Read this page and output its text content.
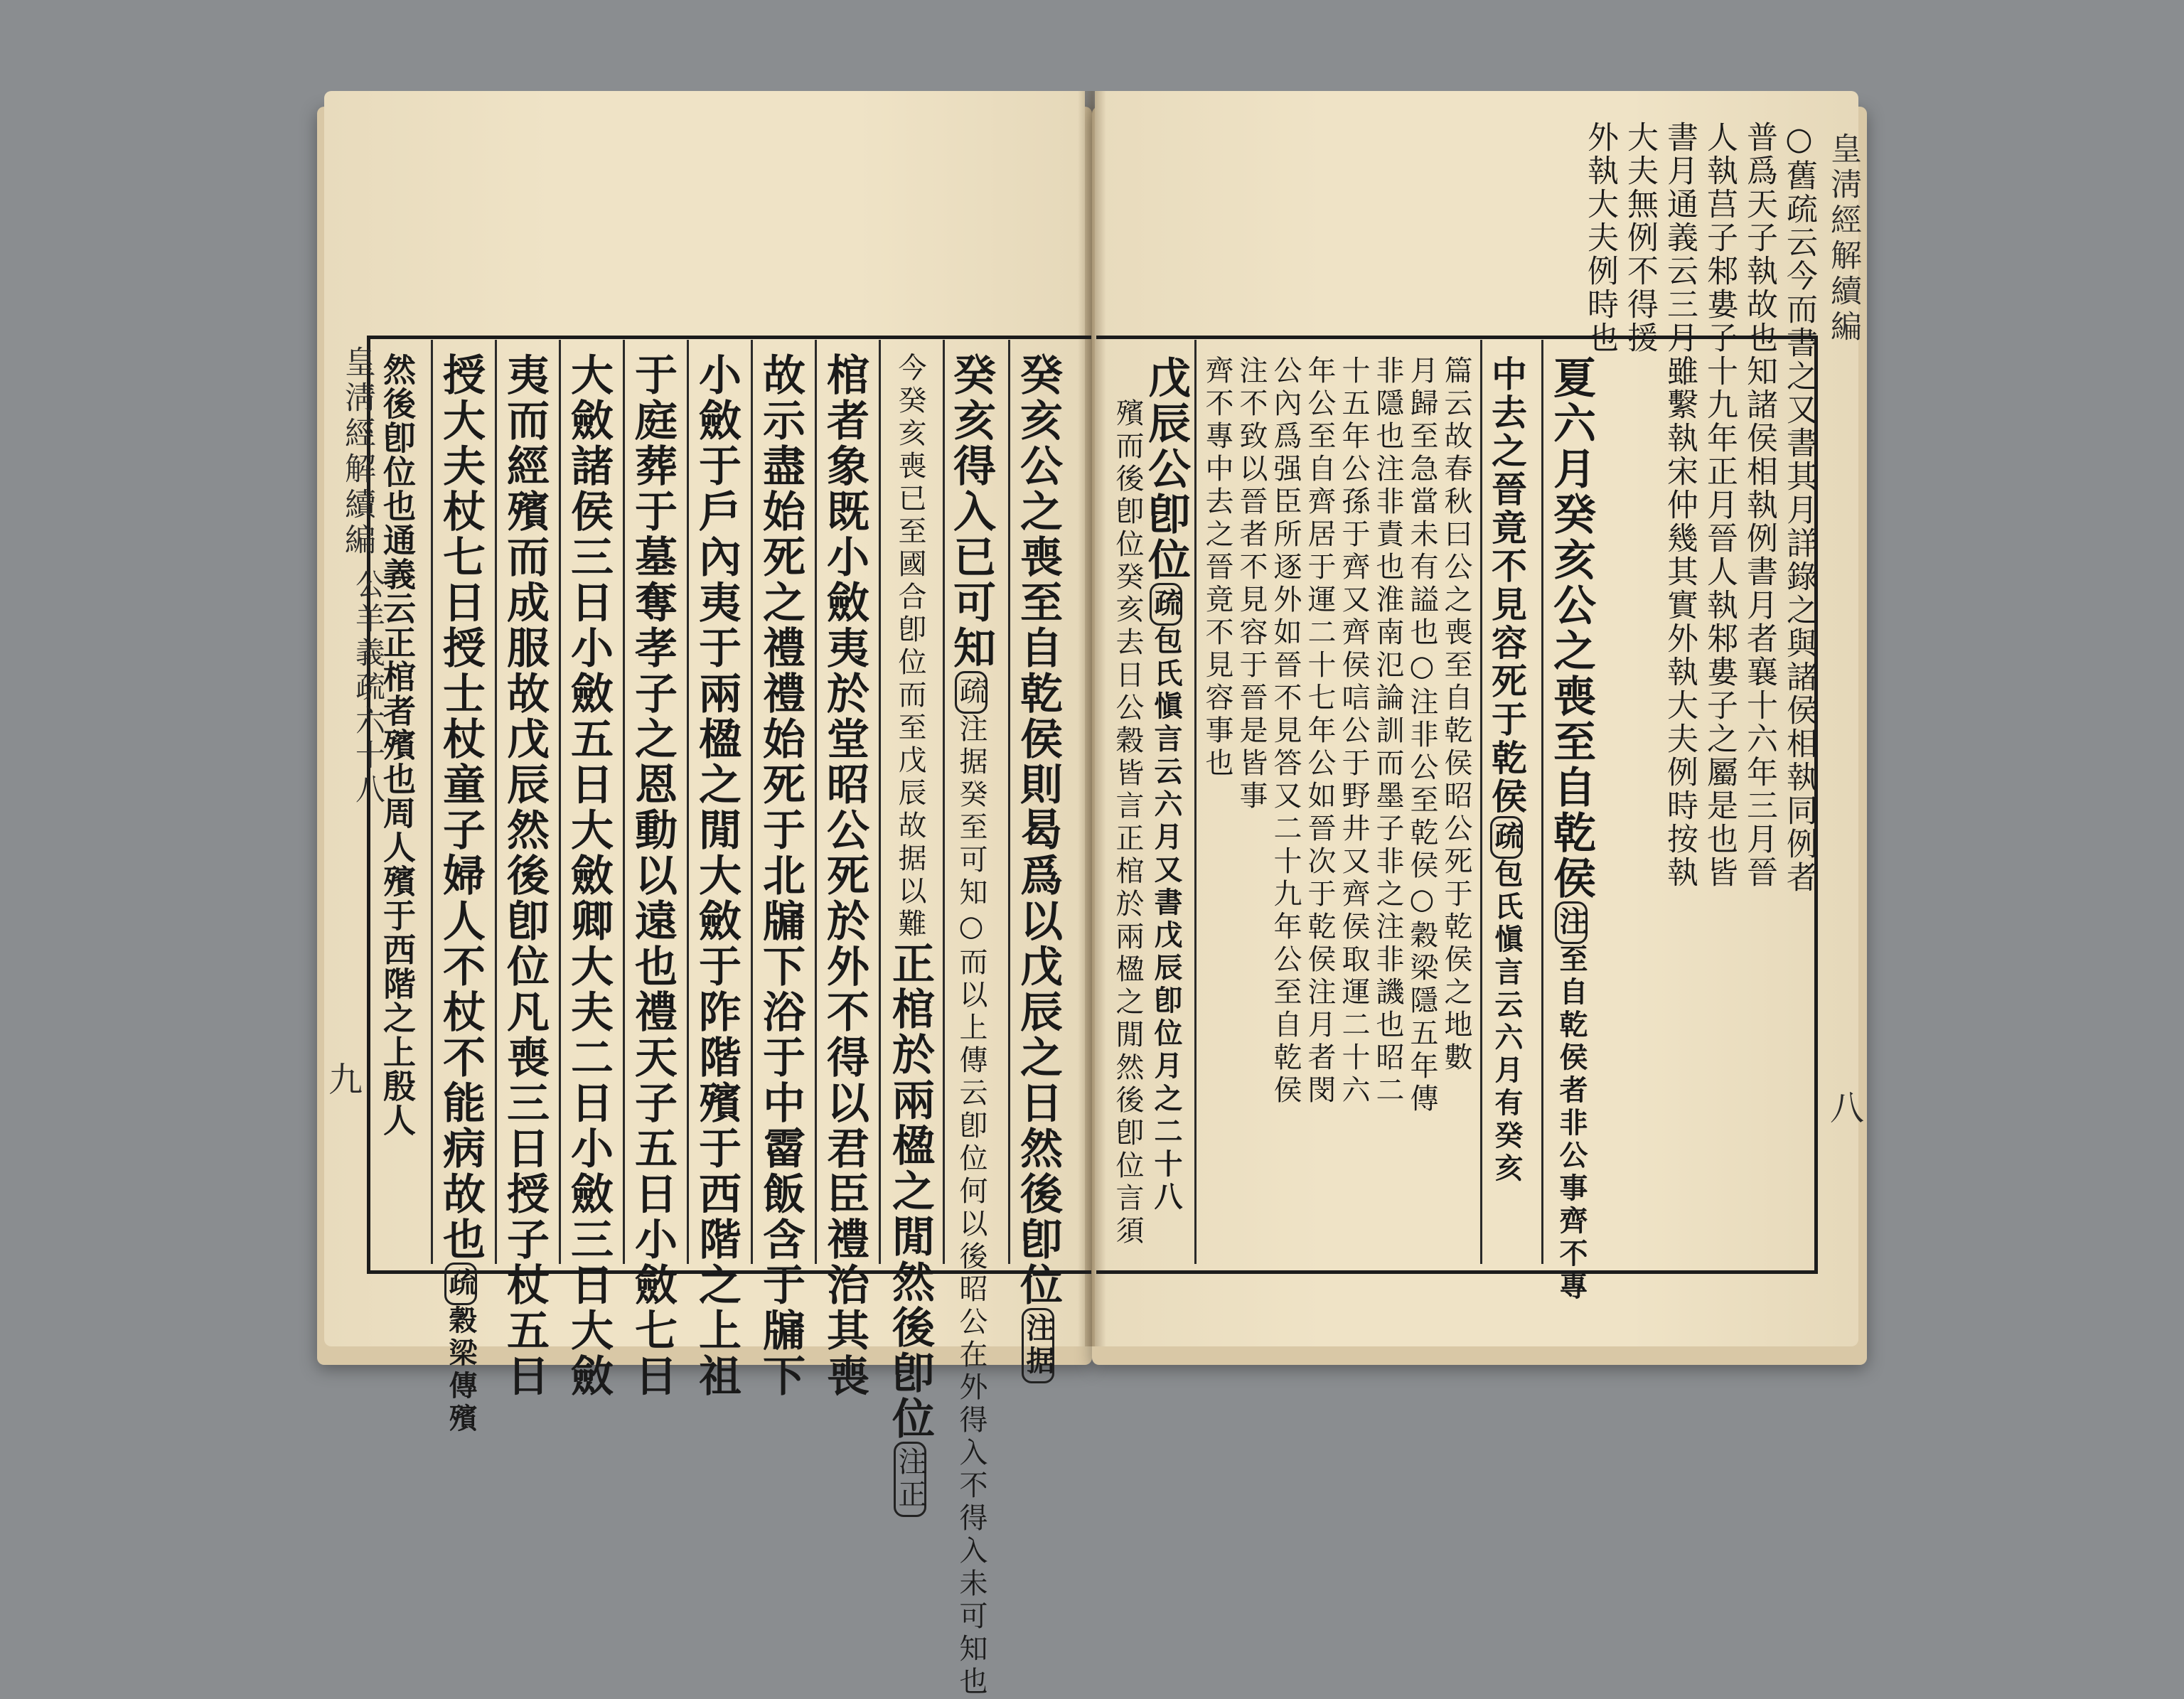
皇淸經解續編
公羊義疏六十八
九	癸亥公之喪至自乾侯則曷爲以戊辰之日然後卽位注据
癸亥得入已可知疏注据癸至可知○而以上傳云卽位何以後昭公在外得入不得入未可知也
今癸亥喪已至國合卽位而至戊辰故据以難正棺於兩楹之閒然後卽位注正
棺者象既小斂夷於堂昭公死於外不得以君臣禮治其喪
故示盡始死之禮禮始死于北牖下浴于中霤飯含于牖下
小斂于戶內夷于兩楹之閒大斂于阼階殯于西階之上祖
于庭葬于墓奪孝子之恩動以遠也禮天子五日小斂七日
大斂諸侯三日小斂五日大斂卿大夫二日小斂三日大斂
夷而經殯而成服故戊辰然後卽位凡喪三日授子杖五日
授大夫杖七日授士杖童子婦人不杖不能病故也疏穀梁傳殯
然後卽位也通義云正棺者殯也周人殯于西階之上殷人
皇淸經解續編
八
○舊疏云今而書之又書其月詳錄之與諸侯相執同例者
普爲天子執故也知諸侯相執例書月者襄十六年三月晉
人執莒子邾婁子十九年正月晉人執邾婁子之屬是也皆
書月通義云三月雖繫執宋仲幾其實外執大夫例時按執
大夫無例不得援
外執大夫例時也
夏六月癸亥公之喪至自乾侯注至自乾侯者非公事齊不專
中去之晉竟不見容死于乾侯疏包氏愼言云六月有癸亥
篇云故春秋曰公之喪至自乾侯昭公死于乾侯之地數
月歸至急當未有謚也○注非公至乾侯○穀梁隱五年傳
非隱也注非責也淮南氾論訓而墨子非之注非譏也昭二
十五年公孫于齊又齊侯唁公于野井又齊侯取運二十六
年公至自齊居于運二十七年公如晉次于乾侯注月者閔
公內爲强臣所逐外如晉不見答又二十九年公至自乾侯
注不致以晉者不見容于晉是皆事
齊不專中去之晉竟不見容事也
戊辰公卽位疏包氏愼言云六月又書戊辰卽位月之二十八
殯而後卽位癸亥去日公穀皆言正棺於兩楹之閒然後卽位言須
